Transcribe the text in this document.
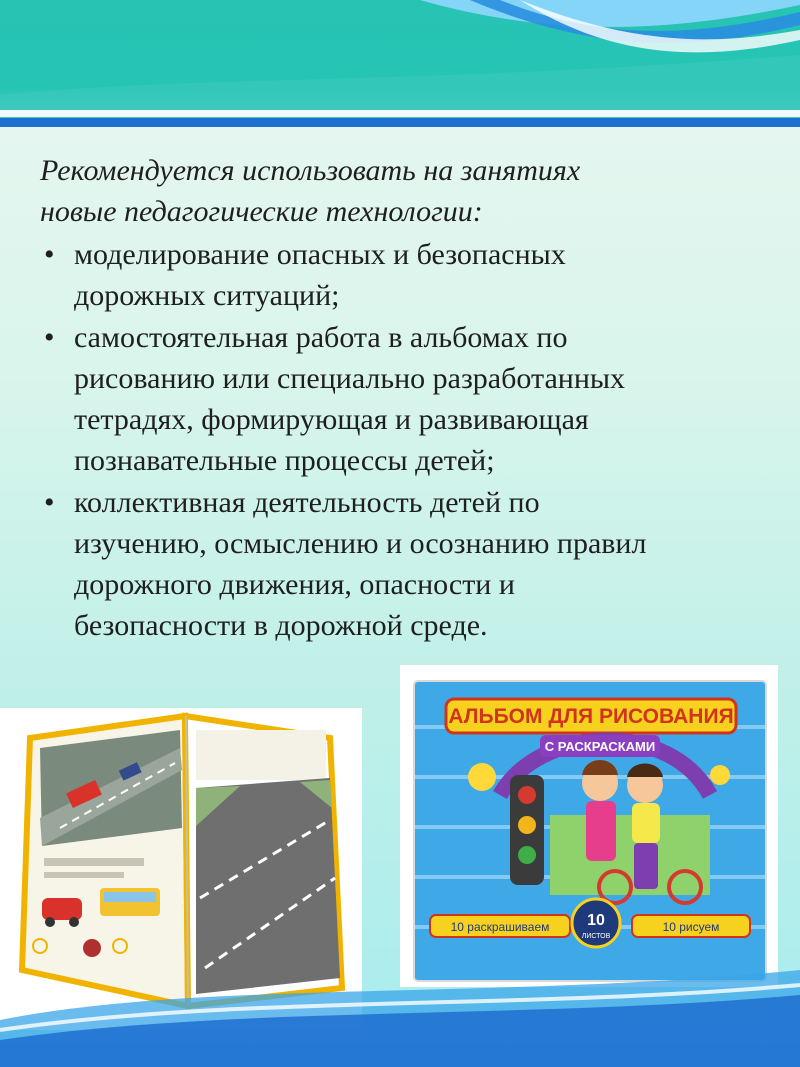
Рекомендуется использовать на занятиях
новые педагогические технологии:
• моделирование опасных и безопасных
дорожных ситуаций;
• самостоятельная работа в альбомах по
рисованию или специально разработанных
тетрадях, формирующая и развивающая
познавательные процессы детей;
• коллективная деятельность детей по
изучению, осмыслению и осознанию правил
дорожного движения, опасности и
безопасности в дорожной среде.
АЛЬБОМ ДЛЯ РИСОВАНИЯ
С РАСКРАСКАМИ
10 раскрашиваем	10 рисуем
10
ЛИСТОВ
